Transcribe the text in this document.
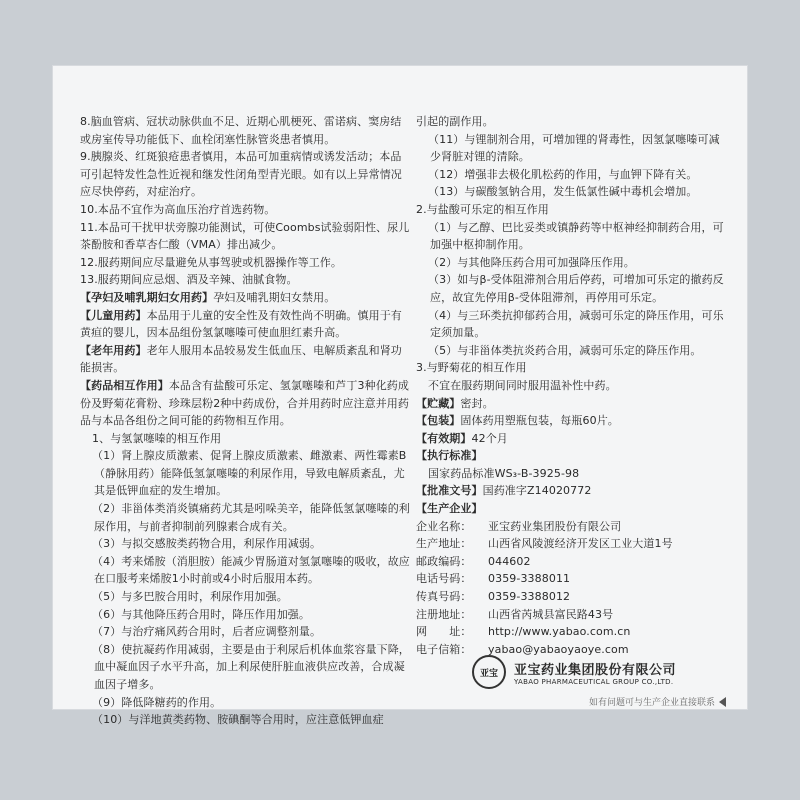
8.脑血管病、冠状动脉供血不足、近期心肌梗死、雷诺病、窦房结或房室传导功能低下、血栓闭塞性脉管炎患者慎用。

9.胰腺炎、红斑狼疮患者慎用，本品可加重病情或诱发活动；本品可引起特发性急性近视和继发性闭角型青光眼。如有以上异常情况应尽快停药，对症治疗。

10.本品不宜作为高血压治疗首选药物。

11.本品可干扰甲状旁腺功能测试，可使Coombs试验弱阳性、尿儿茶酚胺和香草杏仁酸（VMA）排出减少。

12.服药期间应尽量避免从事驾驶或机器操作等工作。

13.服药期间应忌烟、酒及辛辣、油腻食物。

【孕妇及哺乳期妇女用药】孕妇及哺乳期妇女禁用。

【儿童用药】本品用于儿童的安全性及有效性尚不明确。慎用于有黄疸的婴儿，因本品组份氢氯噻嗪可使血胆红素升高。

【老年用药】老年人服用本品较易发生低血压、电解质紊乱和肾功能损害。

【药品相互作用】本品含有盐酸可乐定、氢氯噻嗪和芦丁3种化药成份及野菊花膏粉、珍珠层粉2种中药成份，合并用药时应注意并用药品与本品各组份之间可能的药物相互作用。

1、与氢氯噻嗪的相互作用

（1）肾上腺皮质激素、促肾上腺皮质激素、雌激素、两性霉素B（静脉用药）能降低氢氯噻嗪的利尿作用，导致电解质紊乱，尤其是低钾血症的发生增加。

（2）非甾体类消炎镇痛药尤其是吲哚美辛，能降低氢氯噻嗪的利尿作用，与前者抑制前列腺素合成有关。

（3）与拟交感胺类药物合用，利尿作用减弱。

（4）考来烯胺（消胆胺）能减少胃肠道对氢氯噻嗪的吸收，故应在口服考来烯胺1小时前或4小时后服用本药。

（5）与多巴胺合用时，利尿作用加强。

（6）与其他降压药合用时，降压作用加强。

（7）与治疗痛风药合用时，后者应调整剂量。

（8）使抗凝药作用减弱，主要是由于利尿后机体血浆容量下降，血中凝血因子水平升高，加上利尿使肝脏血液供应改善，合成凝血因子增多。

（9）降低降糖药的作用。

（10）与洋地黄类药物、胺碘酮等合用时，应注意低钾血症

引起的副作用。

（11）与锂制剂合用，可增加锂的肾毒性，因氢氯噻嗪可减少肾脏对锂的清除。

（12）增强非去极化肌松药的作用，与血钾下降有关。

（13）与碳酸氢钠合用，发生低氯性碱中毒机会增加。

2.与盐酸可乐定的相互作用

（1）与乙醇、巴比妥类或镇静药等中枢神经抑制药合用，可加强中枢抑制作用。

（2）与其他降压药合用可加强降压作用。

（3）如与β-受体阻滞剂合用后停药，可增加可乐定的撤药反应，故宜先停用β-受体阻滞剂，再停用可乐定。

（4）与三环类抗抑郁药合用，减弱可乐定的降压作用，可乐定须加量。

（5）与非甾体类抗炎药合用，减弱可乐定的降压作用。

3.与野菊花的相互作用

不宜在服药期间同时服用温补性中药。

【贮藏】密封。

【包装】固体药用塑瓶包装，每瓶60片。

【有效期】42个月

【执行标准】

国家药品标准WS₃-B-3925-98

【批准文号】国药准字Z14020772

【生产企业】

企业名称：	亚宝药业集团股份有限公司
生产地址：	山西省风陵渡经济开发区工业大道1号
邮政编码：	044602
电话号码：	0359-3388011
传真号码：	0359-3388012
注册地址：	山西省芮城县富民路43号
网　　址：	http://www.yabao.com.cn
电子信箱：	yabao@yabaoyaoye.com
亚宝 亚宝药业集团股份有限公司
YABAO PHARMACEUTICAL GROUP CO.,LTD.
如有问题可与生产企业直接联系
